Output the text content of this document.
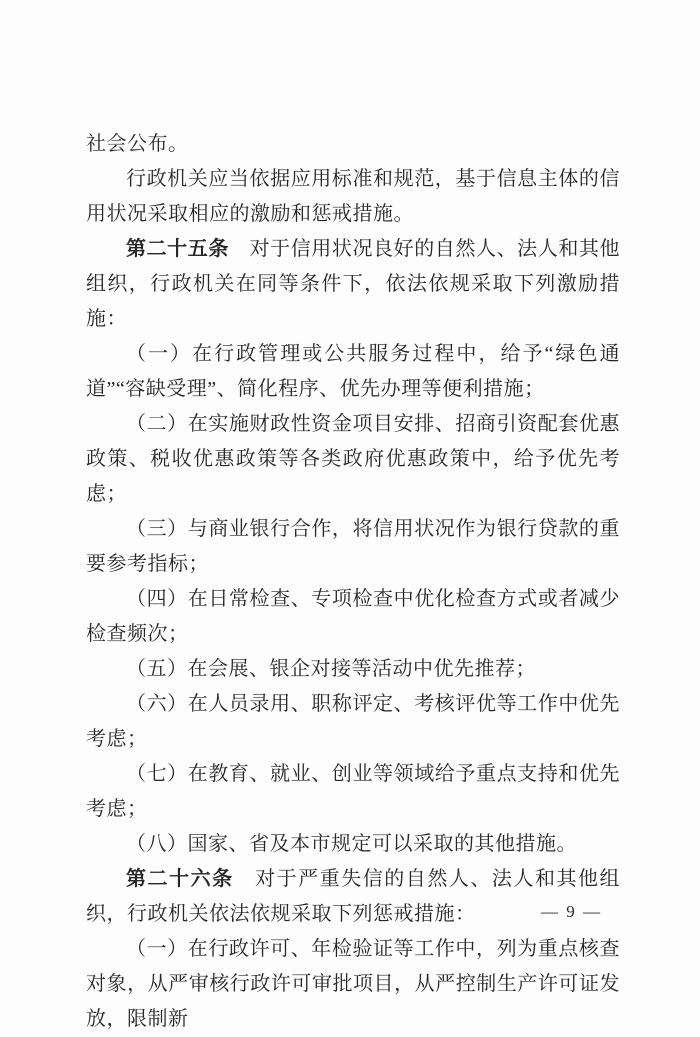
社会公布。

行政机关应当依据应用标准和规范，基于信息主体的信用状况采取相应的激励和惩戒措施。

第二十五条　对于信用状况良好的自然人、法人和其他组织，行政机关在同等条件下，依法依规采取下列激励措施：

（一）在行政管理或公共服务过程中，给予“绿色通道”“容缺受理”、简化程序、优先办理等便利措施；

（二）在实施财政性资金项目安排、招商引资配套优惠政策、税收优惠政策等各类政府优惠政策中，给予优先考虑；

（三）与商业银行合作，将信用状况作为银行贷款的重要参考指标；

（四）在日常检查、专项检查中优化检查方式或者减少检查频次；

（五）在会展、银企对接等活动中优先推荐；

（六）在人员录用、职称评定、考核评优等工作中优先考虑；

（七）在教育、就业、创业等领域给予重点支持和优先考虑；

（八）国家、省及本市规定可以采取的其他措施。

第二十六条　对于严重失信的自然人、法人和其他组织，行政机关依法依规采取下列惩戒措施：

（一）在行政许可、年检验证等工作中，列为重点核查对象，从严审核行政许可审批项目，从严控制生产许可证发放，限制新

— 9 —
